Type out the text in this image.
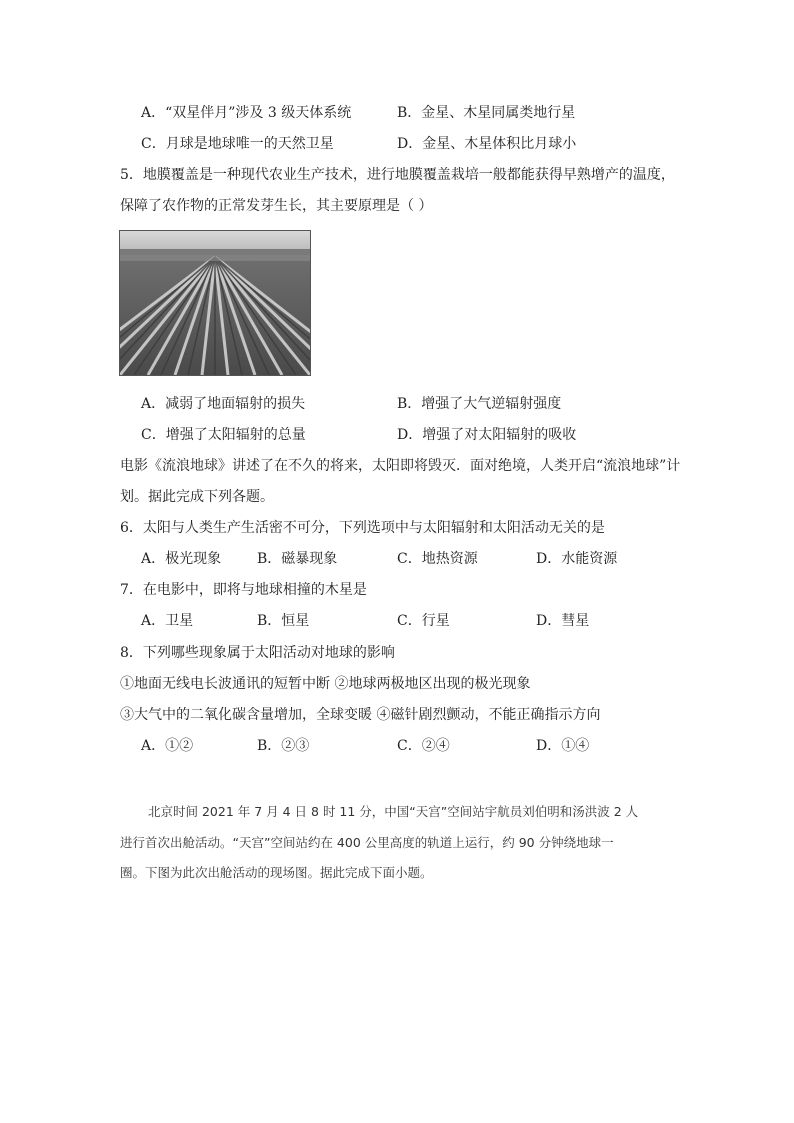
A．“双星伴月”涉及 3 级天体系统	B．金星、木星同属类地行星
C．月球是地球唯一的天然卫星	D．金星、木星体积比月球小
5．地膜覆盖是一种现代农业生产技术，进行地膜覆盖栽培一般都能获得早熟增产的温度，
保障了农作物的正常发芽生长，其主要原理是（ ）
A．减弱了地面辐射的损失	B．增强了大气逆辐射强度
C．增强了太阳辐射的总量	D．增强了对太阳辐射的吸收
电影《流浪地球》讲述了在不久的将来，太阳即将毁灭．面对绝境，人类开启“流浪地球”计
划。据此完成下列各题。
6．太阳与人类生产生活密不可分，下列选项中与太阳辐射和太阳活动无关的是
A．极光现象	B．磁暴现象	C．地热资源	D．水能资源
7．在电影中，即将与地球相撞的木星是
A．卫星	B．恒星	C．行星	D．彗星
8．下列哪些现象属于太阳活动对地球的影响
①地面无线电长波通讯的短暂中断 ②地球两极地区出现的极光现象
③大气中的二氧化碳含量增加，全球变暖 ④磁针剧烈颤动，不能正确指示方向
A．①②	B．②③	C．②④	D．①④
北京时间 2021 年 7 月 4 日 8 时 11 分，中国“天宫”空间站宇航员刘伯明和汤洪波 2 人
进行首次出舱活动。“天宫”空间站约在 400 公里高度的轨道上运行，约 90 分钟绕地球一
圈。下图为此次出舱活动的现场图。据此完成下面小题。
